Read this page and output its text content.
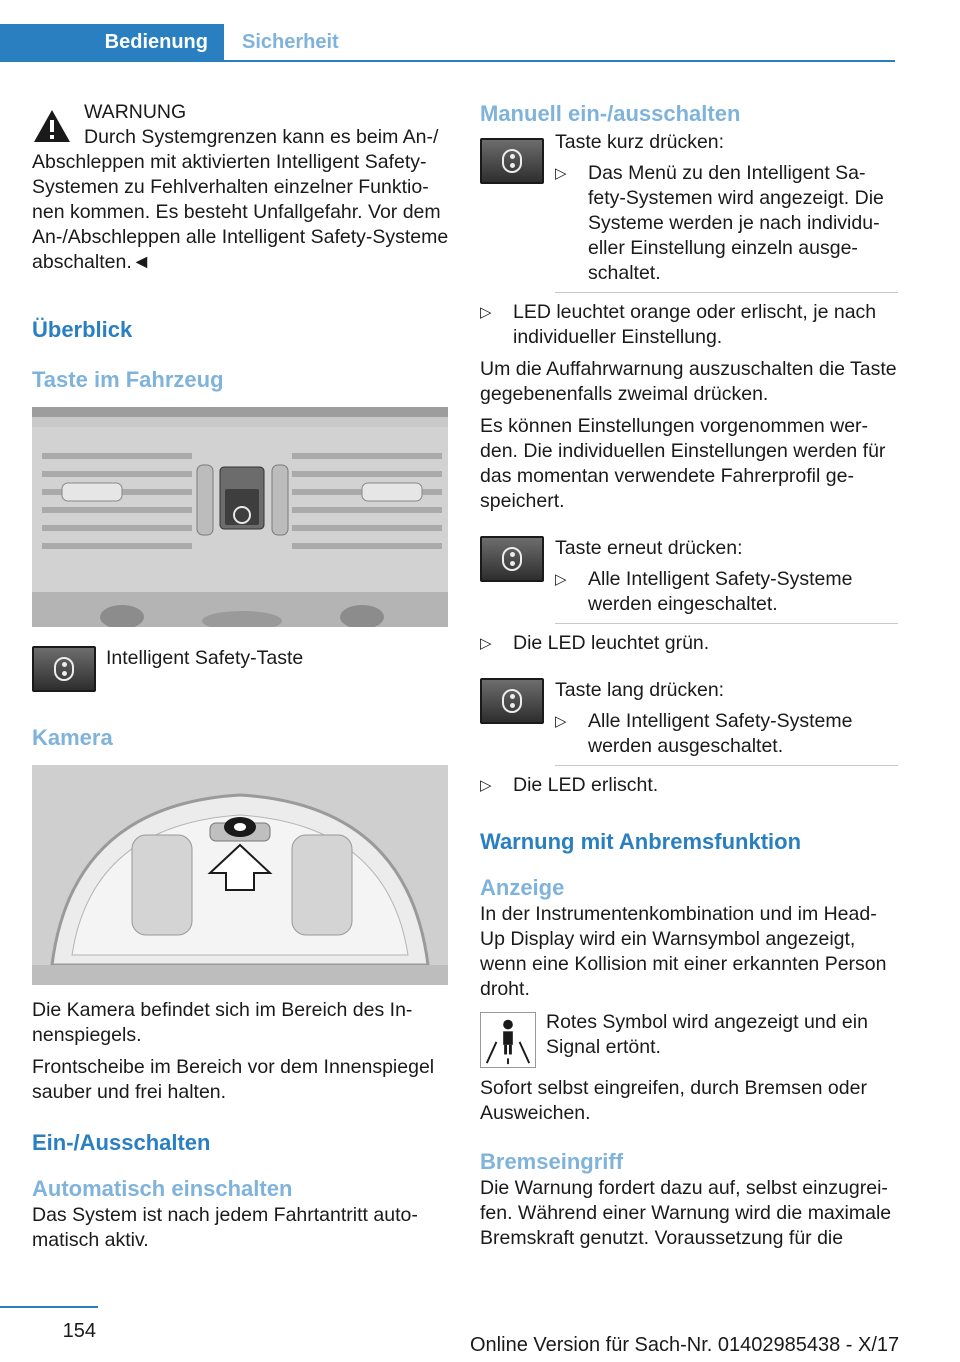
Bedienung	Sicherheit
WARNUNG
Durch Systemgrenzen kann es beim An-/
Abschleppen mit aktivierten Intelligent Safety-Systemen zu Fehlverhalten einzelner Funktio-nen kommen. Es besteht Unfallgefahr. Vor dem An-/Abschleppen alle Intelligent Safety-Systeme abschalten.◄
Überblick
Taste im Fahrzeug
Intelligent Safety-Taste
Kamera

Die Kamera befindet sich im Bereich des In-nenspiegels.

Frontscheibe im Bereich vor dem Innenspiegel sauber und frei halten.

Ein-/Ausschalten
Automatisch einschalten

Das System ist nach jedem Fahrtantritt auto-matisch aktiv.

Manuell ein-/ausschalten
Taste kurz drücken:
▷ Das Menü zu den Intelligent Sa-fety-Systemen wird angezeigt. Die Systeme werden je nach individu-eller Einstellung einzeln ausge-schaltet.
▷ LED leuchtet orange oder erlischt, je nach individueller Einstellung.

Um die Auffahrwarnung auszuschalten die Taste gegebenenfalls zweimal drücken.

Es können Einstellungen vorgenommen wer-den. Die individuellen Einstellungen werden für das momentan verwendete Fahrerprofil ge-speichert.

Taste erneut drücken:
▷ Alle Intelligent Safety-Systeme werden eingeschaltet.
▷ Die LED leuchtet grün.
Taste lang drücken:
▷ Alle Intelligent Safety-Systeme werden ausgeschaltet.
▷ Die LED erlischt.
Warnung mit Anbremsfunktion
Anzeige

In der Instrumentenkombination und im Head-Up Display wird ein Warnsymbol angezeigt, wenn eine Kollision mit einer erkannten Person droht.

Rotes Symbol wird angezeigt und ein Signal ertönt.

Sofort selbst eingreifen, durch Bremsen oder Ausweichen.

Bremseingriff

Die Warnung fordert dazu auf, selbst einzugrei-fen. Während einer Warnung wird die maximale Bremskraft genutzt. Voraussetzung für die

154
Online Version für Sach-Nr. 01402985438 - X/17
